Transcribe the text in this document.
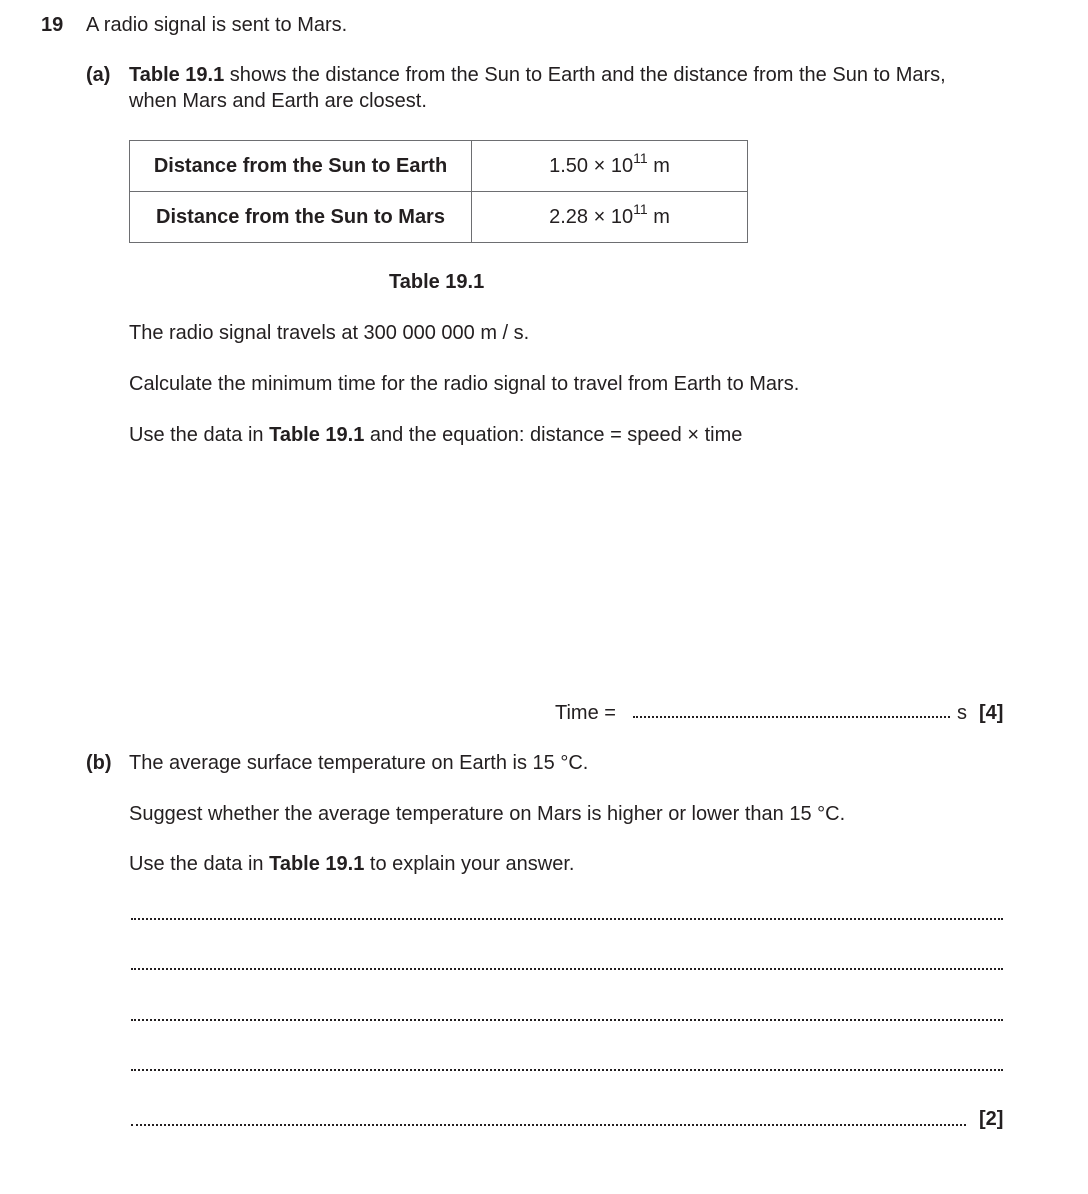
19 A radio signal is sent to Mars.
(a) Table 19.1 shows the distance from the Sun to Earth and the distance from the Sun to Mars,
when Mars and Earth are closest.
Distance from the Sun to Earth	$1.50 \times 10^{11}$ m
Distance from the Sun to Mars	$2.28 \times 10^{11}$ m
Table 19.1
The radio signal travels at 300 000 000 m / s.
Calculate the minimum time for the radio signal to travel from Earth to Mars.
Use the data in Table 19.1 and the equation: distance = speed × time
Time =	s [4]
(b) The average surface temperature on Earth is 15 °C.
Suggest whether the average temperature on Mars is higher or lower than 15 °C.
Use the data in Table 19.1 to explain your answer.
[2]
